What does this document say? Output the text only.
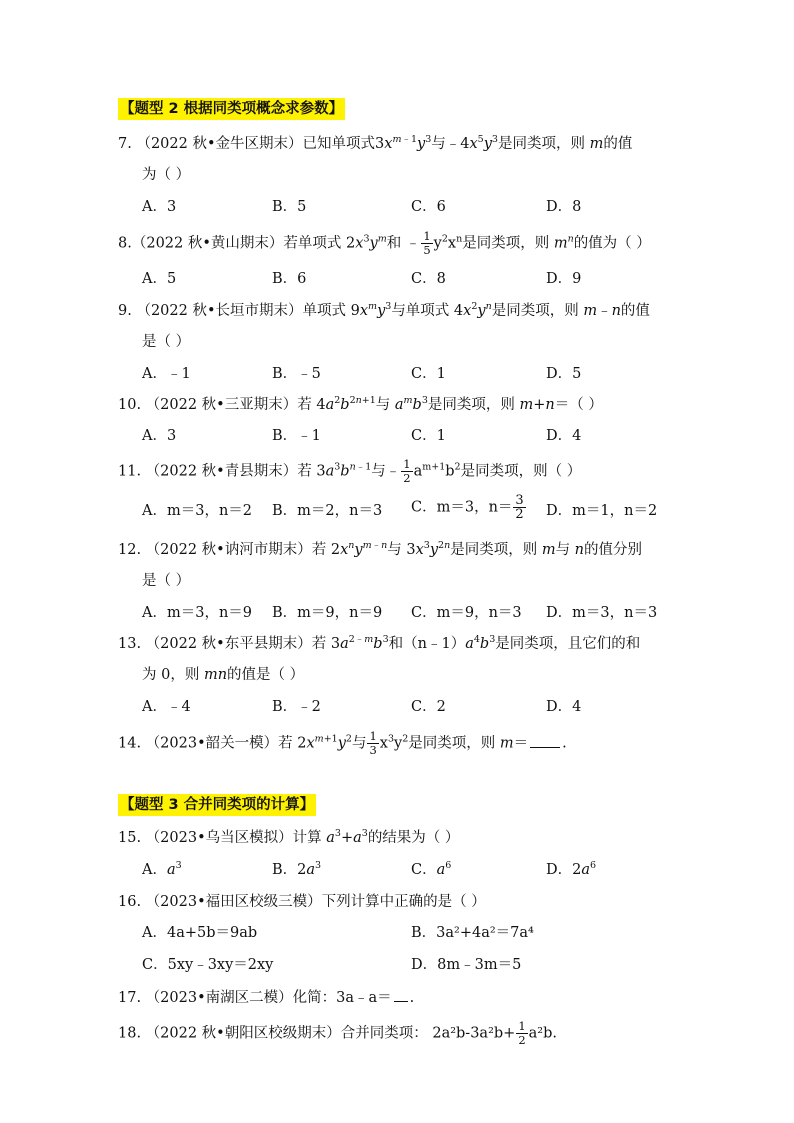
【题型 2 根据同类项概念求参数】
7. （2022 秋•金牛区期末）已知单项式$3x^{m﹣1}y^3$与$﹣4x^5y^3$是同类项，则 m的值
为（ ）
A．3	B．5	C．6	D．8
8.（2022 秋•黄山期末）若单项式 $2x^3y^m$和 ﹣ $\frac{1}{5} y^2x^n$是同类项，则 $m^n$的值为（ ）
A．5	B．6	C．8	D．9
9. （2022 秋•长垣市期末）单项式 $9x^my^3$与单项式 $4x^2y^n$是同类项，则 m﹣n的值
是（ ）
A．﹣1	B．﹣5	C．1	D．5
10. （2022 秋•三亚期末）若 $4a^2b^{2n+1}$与 $a^mb^3$是同类项，则 m+n＝（ ）
A．3	B．﹣1	C．1	D．4
11. （2022 秋•青县期末）若 $3a^3b^{n﹣1}$与﹣ $\frac{1}{2} a^{m+1}b^2$是同类项，则（ ）
A．m＝3，n＝2 B．m＝2，n＝3 C．m＝3，$n= \frac{3}{2}$ D．m＝1，n＝2
12. （2022 秋•讷河市期末）若 $2x^ny^{m﹣n}$与 $3x^3y^{2n}$是同类项，则 m与 n的值分别
是（ ）
A．m＝3，n＝9 B．m＝9，n＝9 C．m＝9，n＝3 D．m＝3，n＝3
13. （2022 秋•东平县期末）若 $3a^{2﹣m}b^3$和$(n﹣1)a^4b^3$是同类项，且它们的和
为 0，则 mn的值是（ ）
A．﹣4	B．﹣2	C．2	D．4
14. （2023•韶关一模）若 $2x^{m+1}y^2$与 $\frac{1}{3} x^3y^2$是同类项，则 m＝ .
【题型 3 合并同类项的计算】
15. （2023•乌当区模拟）计算 $a^3+a^3$的结果为（ ）
A．$a^3$	B．$2a^3$	C．$a^6$	D．$2a^6$
16. （2023•福田区校级三模）下列计算中正确的是（ ）
A．4a+5b＝9ab	B．3a²+4a²＝7a⁴
C．5xy﹣3xy＝2xy	D．8m﹣3m＝5
17. （2023•南湖区二模）化简：3a﹣a＝ .
18. （2022 秋•朝阳区校级期末）合并同类项： $2a^2b-3a^2b+ \frac{1}{2} a^2b$.
